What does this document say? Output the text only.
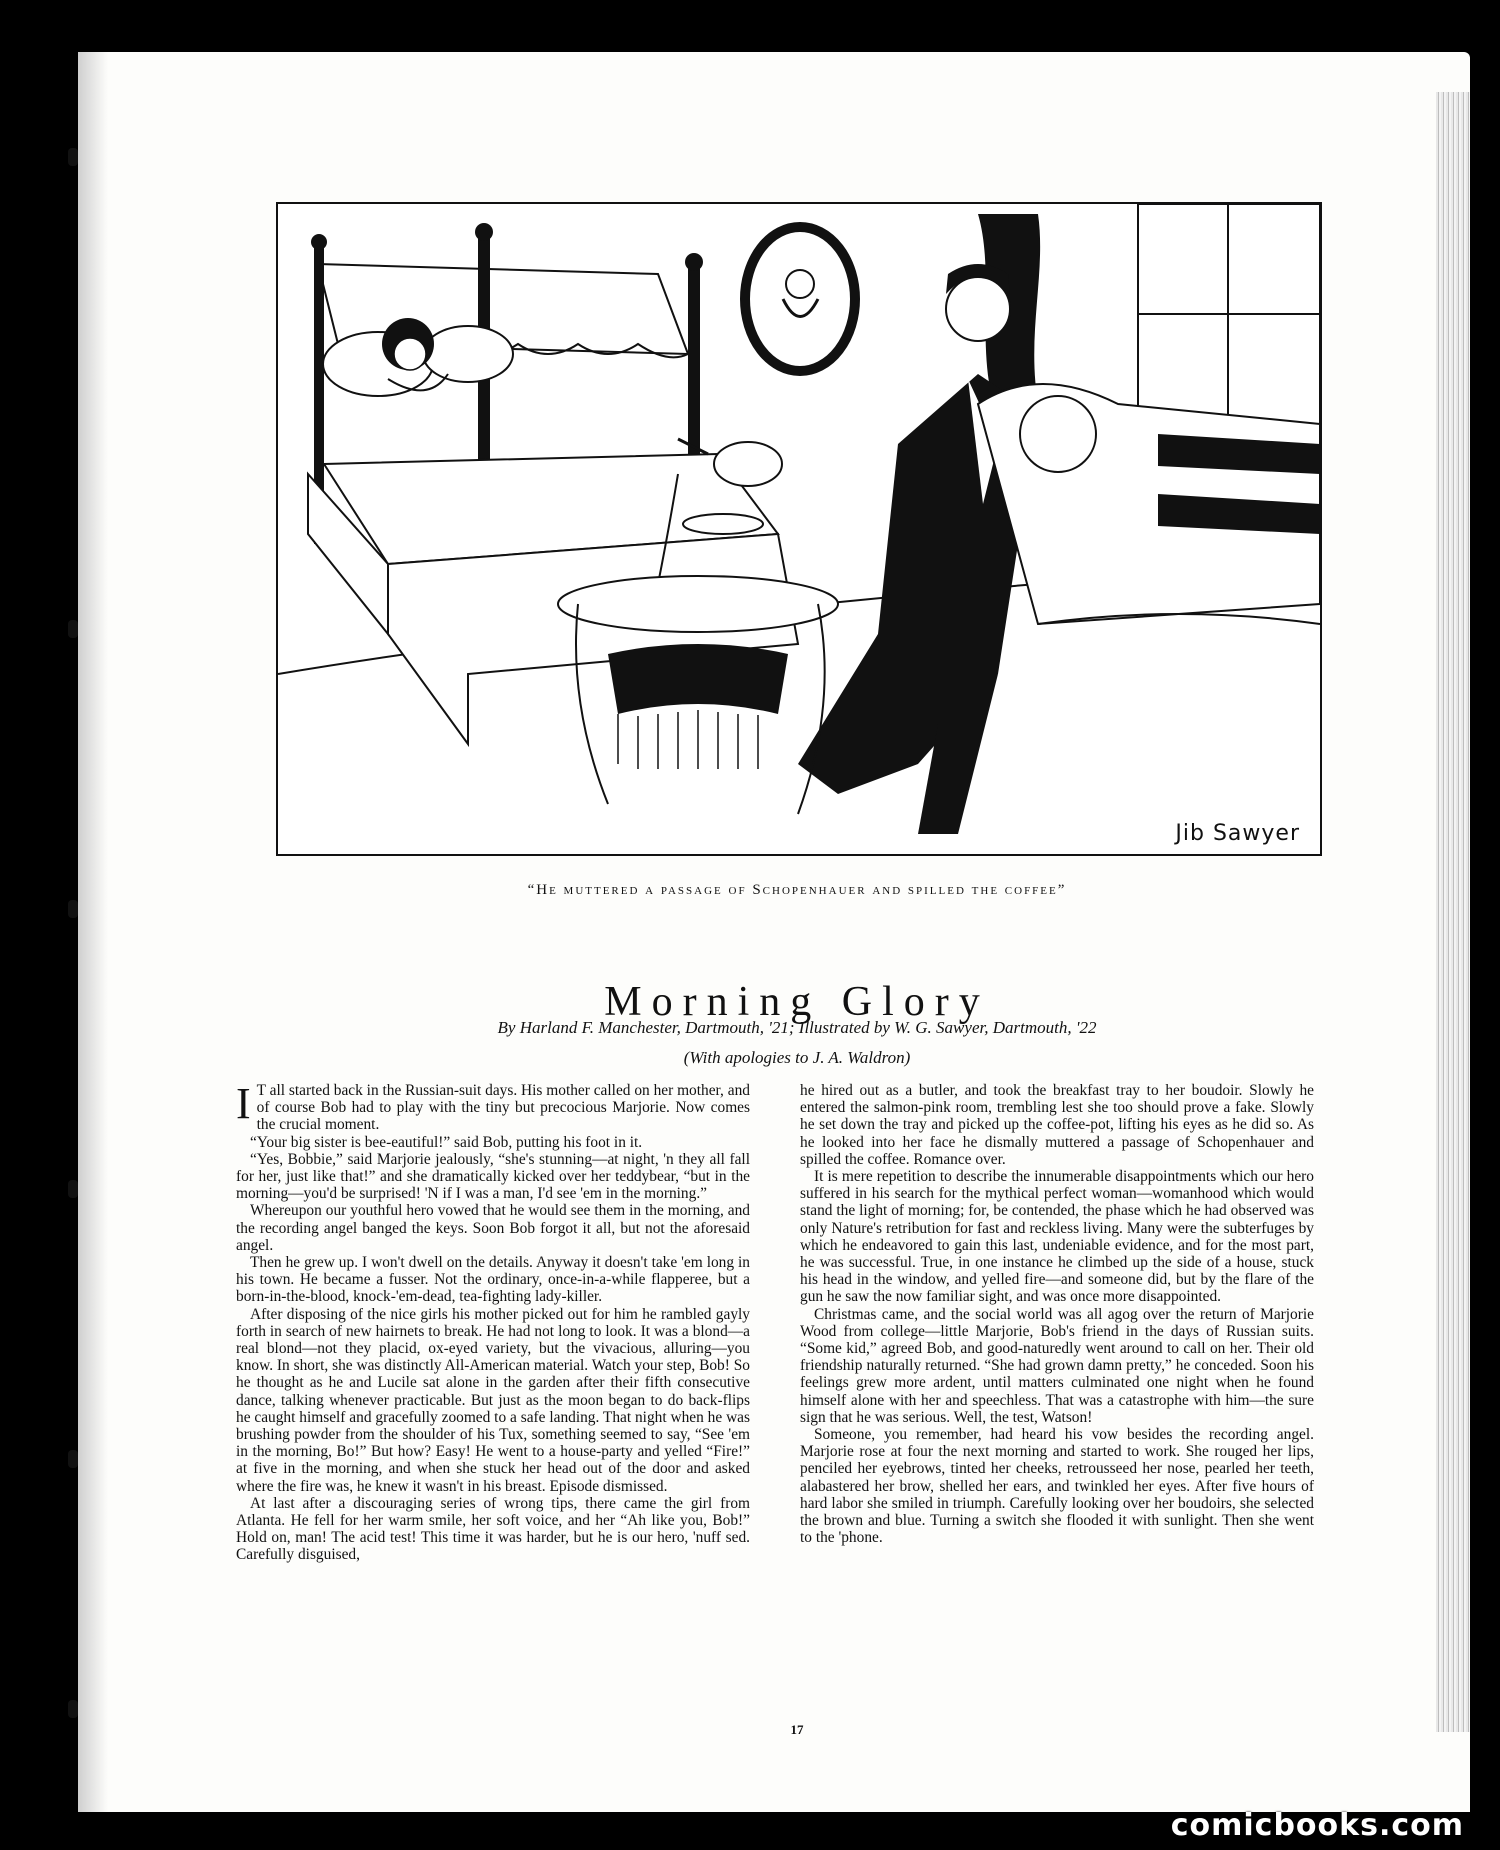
Jib Sawyer
“He muttered a passage of Schopenhauer and spilled the coffee”
Morning Glory
By Harland F. Manchester, Dartmouth, '21; Illustrated by W. G. Sawyer, Dartmouth, '22
(With apologies to J. A. Waldron)

I T all started back in the Russian-suit days. His mother called on her mother, and of course Bob had to play with the tiny but precocious Marjorie. Now comes the crucial moment.

“Your big sister is bee-eautiful!” said Bob, putting his foot in it.

“Yes, Bobbie,” said Marjorie jealously, “she's stunning—at night, 'n they all fall for her, just like that!” and she dramatically kicked over her teddybear, “but in the morning—you'd be surprised! 'N if I was a man, I'd see 'em in the morning.”

Whereupon our youthful hero vowed that he would see them in the morning, and the recording angel banged the keys. Soon Bob forgot it all, but not the aforesaid angel.

Then he grew up. I won't dwell on the details. Anyway it doesn't take 'em long in his town. He became a fusser. Not the ordinary, once-in-a-while flapperee, but a born-in-the-blood, knock-'em-dead, tea-fighting lady-killer.

After disposing of the nice girls his mother picked out for him he rambled gayly forth in search of new hairnets to break. He had not long to look. It was a blond—a real blond—not they placid, ox-eyed variety, but the vivacious, alluring—you know. In short, she was distinctly All-American material. Watch your step, Bob! So he thought as he and Lucile sat alone in the garden after their fifth consecutive dance, talking whenever practicable. But just as the moon began to do back-flips he caught himself and gracefully zoomed to a safe landing. That night when he was brushing powder from the shoulder of his Tux, something seemed to say, “See 'em in the morning, Bo!” But how? Easy! He went to a house-party and yelled “Fire!” at five in the morning, and when she stuck her head out of the door and asked where the fire was, he knew it wasn't in his breast. Episode dismissed.

At last after a discouraging series of wrong tips, there came the girl from Atlanta. He fell for her warm smile, her soft voice, and her “Ah like you, Bob!” Hold on, man! The acid test! This time it was harder, but he is our hero, 'nuff sed. Carefully disguised,

he hired out as a butler, and took the breakfast tray to her boudoir. Slowly he entered the salmon-pink room, trembling lest she too should prove a fake. Slowly he set down the tray and picked up the coffee-pot, lifting his eyes as he did so. As he looked into her face he dismally muttered a passage of Schopenhauer and spilled the coffee. Romance over.

It is mere repetition to describe the innumerable disappointments which our hero suffered in his search for the mythical perfect woman—womanhood which would stand the light of morning; for, be contended, the phase which he had observed was only Nature's retribution for fast and reckless living. Many were the subterfuges by which he endeavored to gain this last, undeniable evidence, and for the most part, he was successful. True, in one instance he climbed up the side of a house, stuck his head in the window, and yelled fire—and someone did, but by the flare of the gun he saw the now familiar sight, and was once more disappointed.

Christmas came, and the social world was all agog over the return of Marjorie Wood from college—little Marjorie, Bob's friend in the days of Russian suits. “Some kid,” agreed Bob, and good-naturedly went around to call on her. Their old friendship naturally returned. “She had grown damn pretty,” he conceded. Soon his feelings grew more ardent, until matters culminated one night when he found himself alone with her and speechless. That was a catastrophe with him—the sure sign that he was serious. Well, the test, Watson!

Someone, you remember, had heard his vow besides the recording angel. Marjorie rose at four the next morning and started to work. She rouged her lips, penciled her eyebrows, tinted her cheeks, retrousseed her nose, pearled her teeth, alabastered her brow, shelled her ears, and twinkled her eyes. After five hours of hard labor she smiled in triumph. Carefully looking over her boudoirs, she selected the brown and blue. Turning a switch she flooded it with sunlight. Then she went to the 'phone.

17
comicbooks.com
